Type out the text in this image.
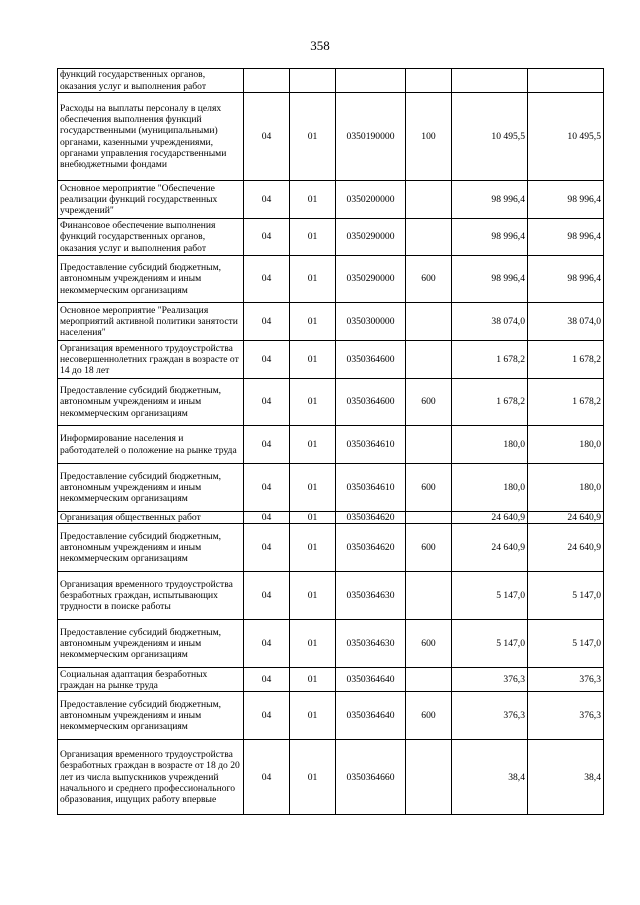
358
функций государственных органов, оказания услуг и выполнения работ						
Расходы на выплаты персоналу в целях обеспечения выполнения функций государственными (муниципальными) органами, казенными учреждениями, органами управления государственными внебюджетными фондами	04	01	0350190000	100	10 495,5	10 495,5
Основное мероприятие "Обеспечение реализации функций государственных учреждений"	04	01	0350200000		98 996,4	98 996,4
Финансовое обеспечение выполнения функций государственных органов, оказания услуг и выполнения работ	04	01	0350290000		98 996,4	98 996,4
Предоставление субсидий бюджетным, автономным учреждениям и иным некоммерческим организациям	04	01	0350290000	600	98 996,4	98 996,4
Основное мероприятие "Реализация мероприятий активной политики занятости населения"	04	01	0350300000		38 074,0	38 074,0
Организация временного трудоустройства несовершеннолетних граждан в возрасте от 14 до 18 лет	04	01	0350364600		1 678,2	1 678,2
Предоставление субсидий бюджетным, автономным учреждениям и иным некоммерческим организациям	04	01	0350364600	600	1 678,2	1 678,2
Информирование населения и работодателей о положение на рынке труда	04	01	0350364610		180,0	180,0
Предоставление субсидий бюджетным, автономным учреждениям и иным некоммерческим организациям	04	01	0350364610	600	180,0	180,0
Организация общественных работ	04	01	0350364620		24 640,9	24 640,9
Предоставление субсидий бюджетным, автономным учреждениям и иным некоммерческим организациям	04	01	0350364620	600	24 640,9	24 640,9
Организация временного трудоустройства безработных граждан, испытывающих трудности в поиске работы	04	01	0350364630		5 147,0	5 147,0
Предоставление субсидий бюджетным, автономным учреждениям и иным некоммерческим организациям	04	01	0350364630	600	5 147,0	5 147,0
Социальная адаптация безработных граждан на рынке труда	04	01	0350364640		376,3	376,3
Предоставление субсидий бюджетным, автономным учреждениям и иным некоммерческим организациям	04	01	0350364640	600	376,3	376,3
Организация временного трудоустройства безработных граждан в возрасте от 18 до 20 лет из числа выпускников учреждений начального и среднего профессионального образования, ищущих работу впервые	04	01	0350364660		38,4	38,4
